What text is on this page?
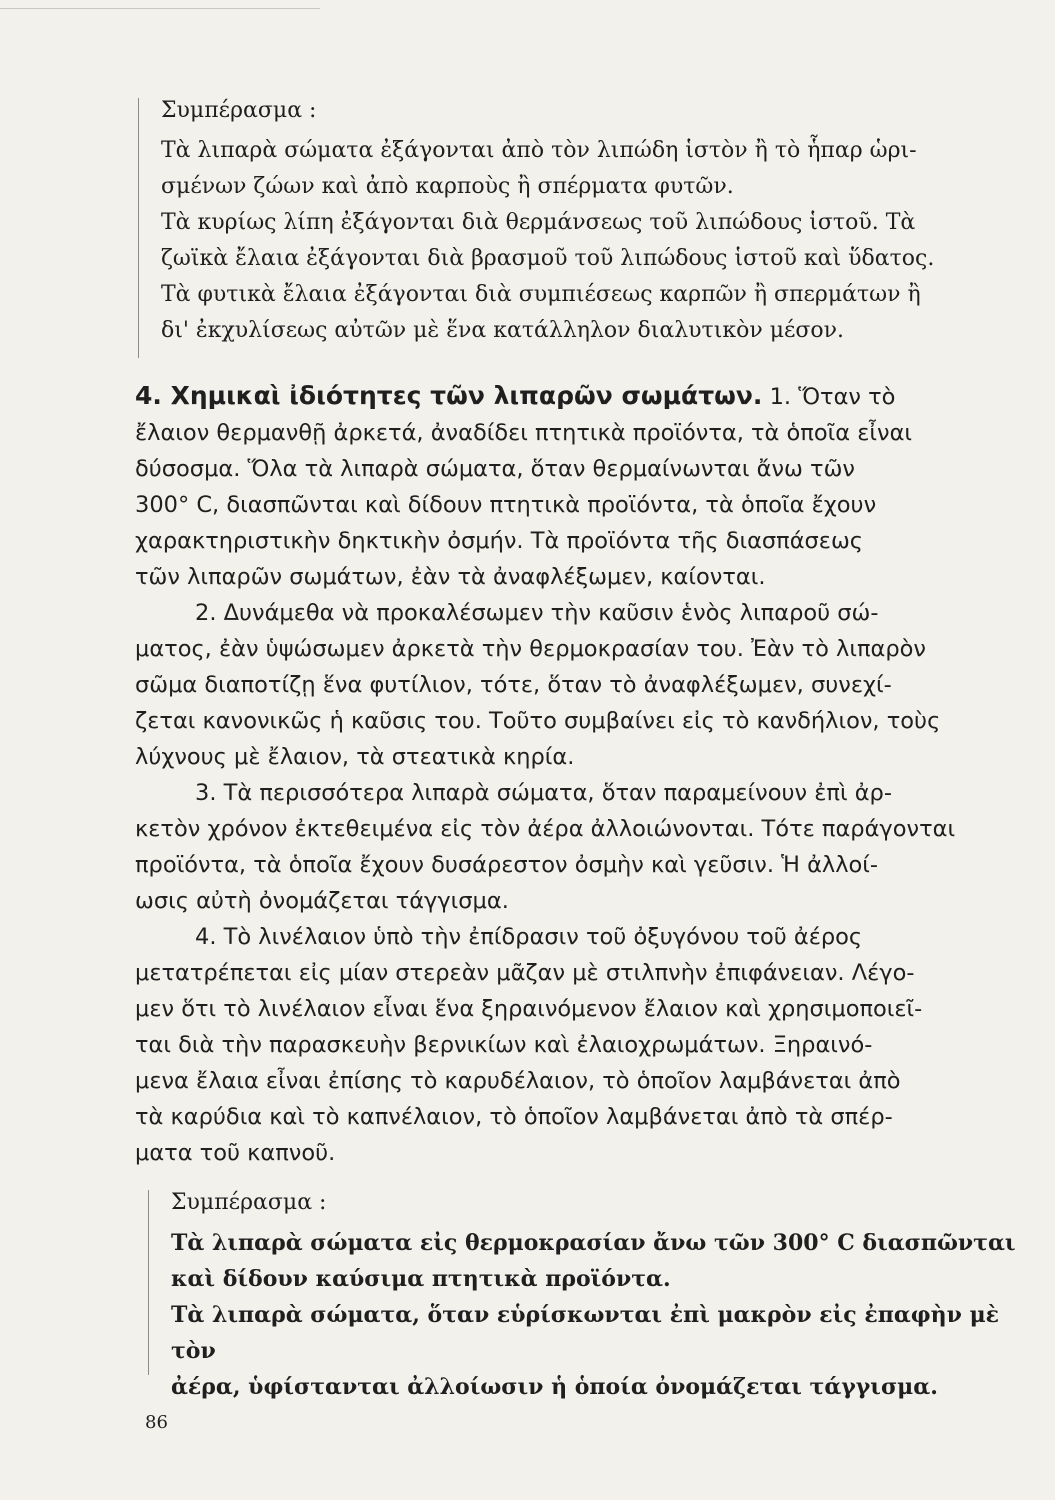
Συμπέρασμα :

Τὰ λιπαρὰ σώματα ἐξάγονται ἀπὸ τὸν λιπώδη ἱστὸν ἢ τὸ ἧπαρ ὡρι-

σμένων ζώων καὶ ἀπὸ καρποὺς ἢ σπέρματα φυτῶν.

Τὰ κυρίως λίπη ἐξάγονται διὰ θερμάνσεως τοῦ λιπώδους ἱστοῦ. Τὰ

ζωϊκὰ ἔλαια ἐξάγονται διὰ βρασμοῦ τοῦ λιπώδους ἱστοῦ καὶ ὕδατος.

Τὰ φυτικὰ ἔλαια ἐξάγονται διὰ συμπιέσεως καρπῶν ἢ σπερμάτων ἢ

δι' ἐκχυλίσεως αὐτῶν μὲ ἕνα κατάλληλον διαλυτικὸν μέσον.

4. Χημικαὶ ἰδιότητες τῶν λιπαρῶν σωμάτων. 1. Ὅταν τὸ

ἔλαιον θερμανθῇ ἀρκετά, ἀναδίδει πτητικὰ προϊόντα, τὰ ὁποῖα εἶναι

δύσοσμα. Ὅλα τὰ λιπαρὰ σώματα, ὅταν θερμαίνωνται ἄνω τῶν

300° C, διασπῶνται καὶ δίδουν πτητικὰ προϊόντα, τὰ ὁποῖα ἔχουν

χαρακτηριστικὴν δηκτικὴν ὀσμήν. Τὰ προϊόντα τῆς διασπάσεως

τῶν λιπαρῶν σωμάτων, ἐὰν τὰ ἀναφλέξωμεν, καίονται.

2. Δυνάμεθα νὰ προκαλέσωμεν τὴν καῦσιν ἑνὸς λιπαροῦ σώ-

ματος, ἐὰν ὑψώσωμεν ἀρκετὰ τὴν θερμοκρασίαν του. Ἐὰν τὸ λιπαρὸν

σῶμα διαποτίζῃ ἕνα φυτίλιον, τότε, ὅταν τὸ ἀναφλέξωμεν, συνεχί-

ζεται κανονικῶς ἡ καῦσις του. Τοῦτο συμβαίνει εἰς τὸ κανδήλιον, τοὺς

λύχνους μὲ ἔλαιον, τὰ στεατικὰ κηρία.

3. Τὰ περισσότερα λιπαρὰ σώματα, ὅταν παραμείνουν ἐπὶ ἀρ-

κετὸν χρόνον ἐκτεθειμένα εἰς τὸν ἀέρα ἀλλοιώνονται. Τότε παράγονται

προϊόντα, τὰ ὁποῖα ἔχουν δυσάρεστον ὀσμὴν καὶ γεῦσιν. Ἡ ἀλλοί-

ωσις αὐτὴ ὀνομάζεται τάγγισμα.

4. Τὸ λινέλαιον ὑπὸ τὴν ἐπίδρασιν τοῦ ὀξυγόνου τοῦ ἀέρος

μετατρέπεται εἰς μίαν στερεὰν μᾶζαν μὲ στιλπνὴν ἐπιφάνειαν. Λέγο-

μεν ὅτι τὸ λινέλαιον εἶναι ἕνα ξηραινόμενον ἔλαιον καὶ χρησιμοποιεῖ-

ται διὰ τὴν παρασκευὴν βερνικίων καὶ ἐλαιοχρωμάτων. Ξηραινό-

μενα ἔλαια εἶναι ἐπίσης τὸ καρυδέλαιον, τὸ ὁποῖον λαμβάνεται ἀπὸ

τὰ καρύδια καὶ τὸ καπνέλαιον, τὸ ὁποῖον λαμβάνεται ἀπὸ τὰ σπέρ-

ματα τοῦ καπνοῦ.

Συμπέρασμα :

Τὰ λιπαρὰ σώματα εἰς θερμοκρασίαν ἄνω τῶν 300° C διασπῶνται

καὶ δίδουν καύσιμα πτητικὰ προϊόντα.

Τὰ λιπαρὰ σώματα, ὅταν εὑρίσκωνται ἐπὶ μακρὸν εἰς ἐπαφὴν μὲ τὸν

ἀέρα, ὑφίστανται ἀλλοίωσιν ἡ ὁποία ὀνομάζεται τάγγισμα.

86
